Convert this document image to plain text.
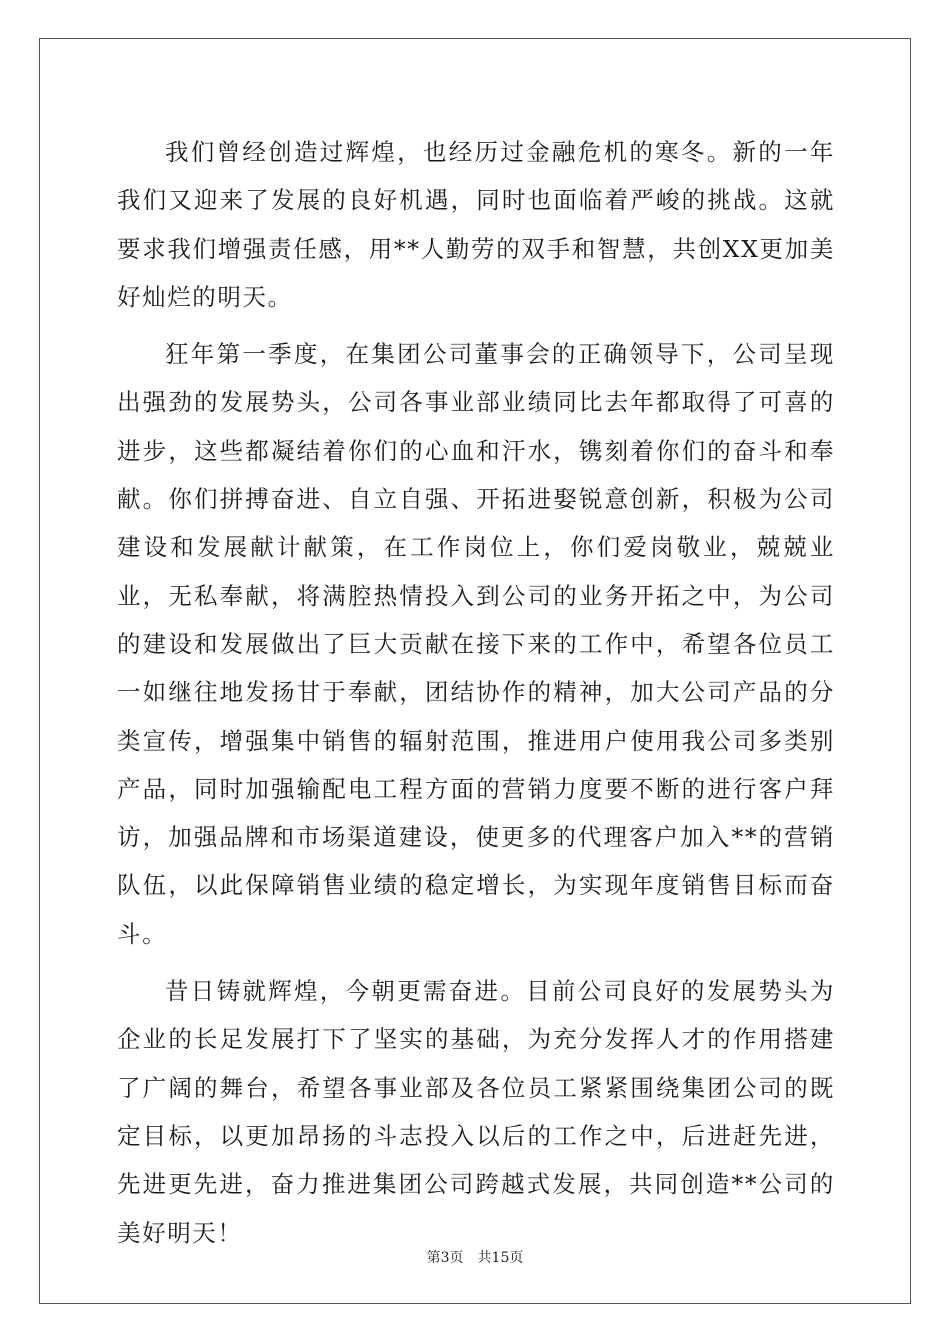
我们曾经创造过辉煌，也经历过金融危机的寒冬。新的一年我们又迎来了发展的良好机遇，同时也面临着严峻的挑战。这就要求我们增强责任感，用**人勤劳的双手和智慧，共创XX更加美好灿烂的明天。

狂年第一季度，在集团公司董事会的正确领导下，公司呈现出强劲的发展势头，公司各事业部业绩同比去年都取得了可喜的进步，这些都凝结着你们的心血和汗水，镌刻着你们的奋斗和奉献。你们拼搏奋进、自立自强、开拓进娶锐意创新，积极为公司建设和发展献计献策，在工作岗位上，你们爱岗敬业，兢兢业业，无私奉献，将满腔热情投入到公司的业务开拓之中，为公司的建设和发展做出了巨大贡献在接下来的工作中，希望各位员工一如继往地发扬甘于奉献，团结协作的精神，加大公司产品的分类宣传，增强集中销售的辐射范围，推进用户使用我公司多类别产品，同时加强输配电工程方面的营销力度要不断的进行客户拜访，加强品牌和市场渠道建设，使更多的代理客户加入**的营销队伍，以此保障销售业绩的稳定增长，为实现年度销售目标而奋斗。

昔日铸就辉煌，今朝更需奋进。目前公司良好的发展势头为企业的长足发展打下了坚实的基础，为充分发挥人才的作用搭建了广阔的舞台，希望各事业部及各位员工紧紧围绕集团公司的既定目标，以更加昂扬的斗志投入以后的工作之中，后进赶先进，先进更先进，奋力推进集团公司跨越式发展，共同创造**公司的美好明天！

第3页 共15页
